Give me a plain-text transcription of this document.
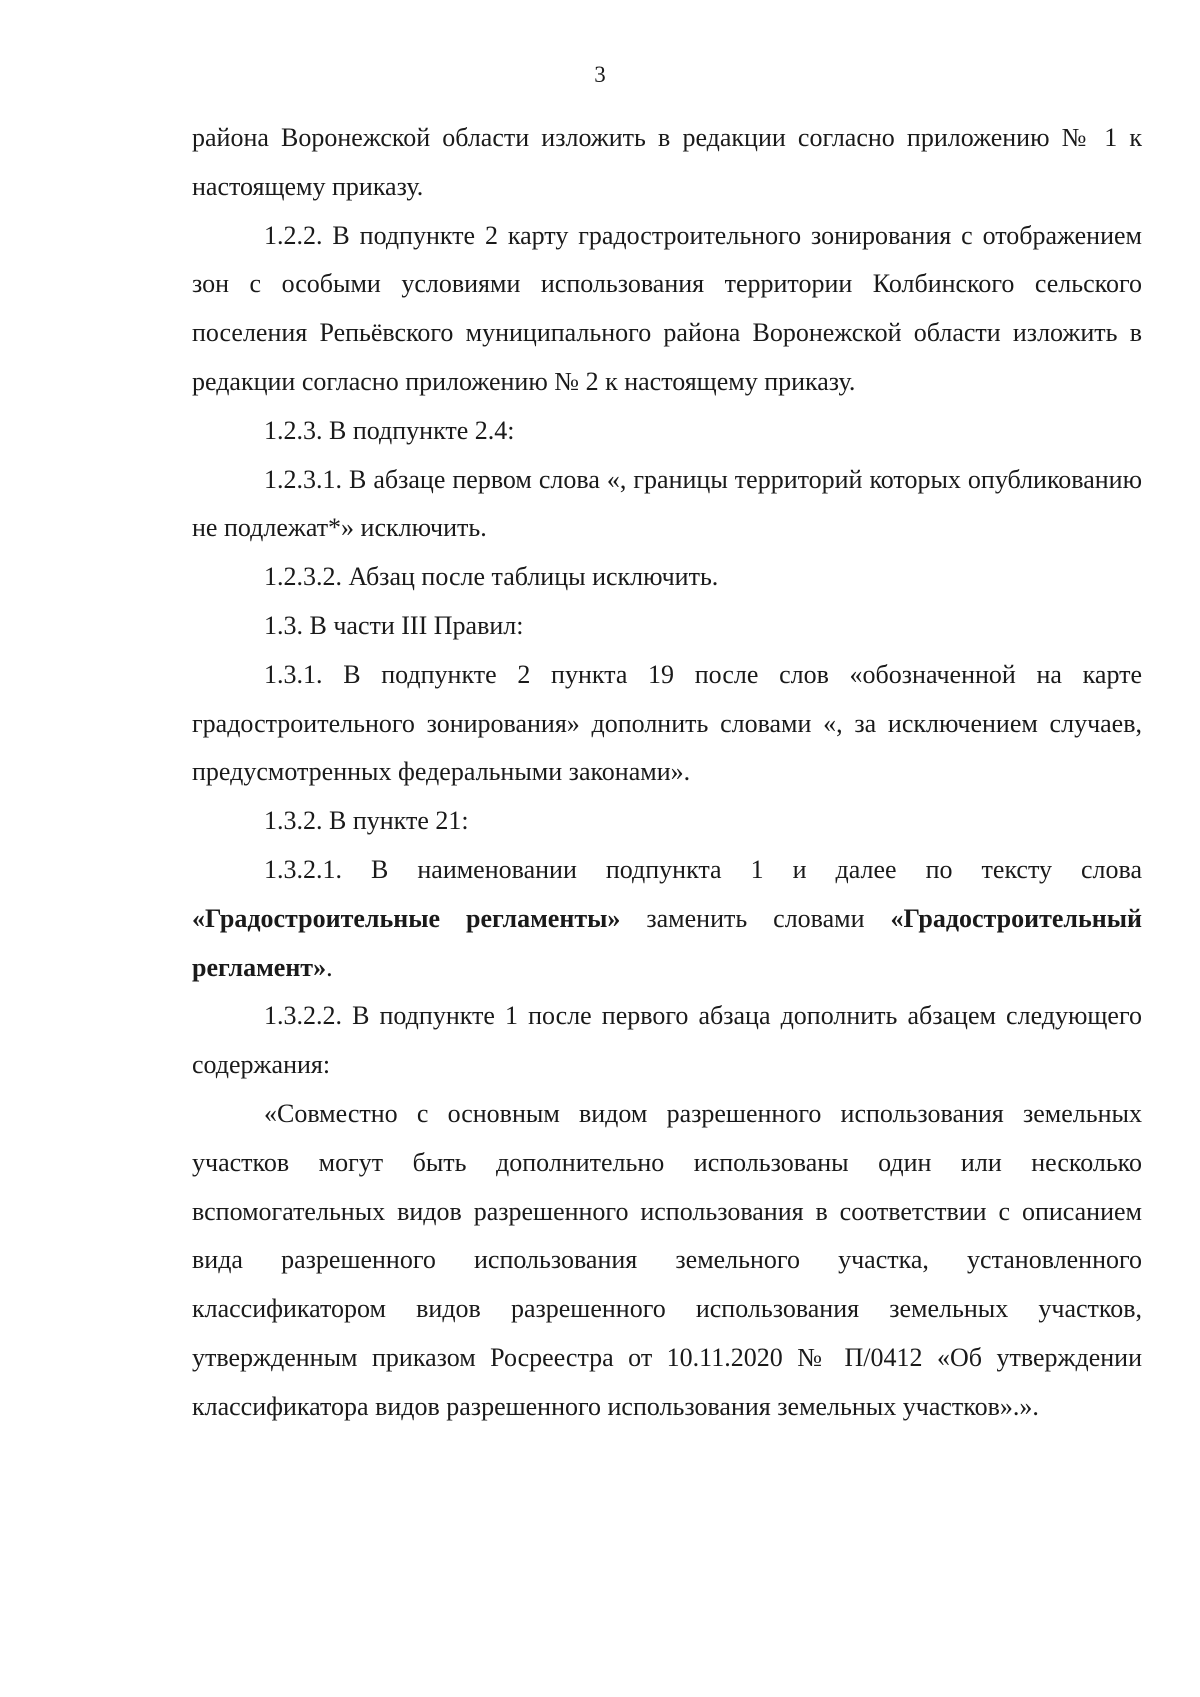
3

района Воронежской области изложить в редакции согласно приложению № 1 к настоящему приказу.

1.2.2. В подпункте 2 карту градостроительного зонирования с отображением зон с особыми условиями использования территории Колбинского сельского поселения Репьёвского муниципального района Воронежской области изложить в редакции согласно приложению № 2 к настоящему приказу.

1.2.3. В подпункте 2.4:

1.2.3.1. В абзаце первом слова «, границы территорий которых опубликованию не подлежат*» исключить.

1.2.3.2. Абзац после таблицы исключить.

1.3. В части III Правил:

1.3.1. В подпункте 2 пункта 19 после слов «обозначенной на карте градостроительного зонирования» дополнить словами «, за исключением случаев, предусмотренных федеральными законами».

1.3.2. В пункте 21:

1.3.2.1. В наименовании подпункта 1 и далее по тексту слова «Градостроительные регламенты» заменить словами «Градостроительный регламент».

1.3.2.2. В подпункте 1 после первого абзаца дополнить абзацем следующего содержания:

«Совместно с основным видом разрешенного использования земельных участков могут быть дополнительно использованы один или несколько вспомогательных видов разрешенного использования в соответствии с описанием вида разрешенного использования земельного участка, установленного классификатором видов разрешенного использования земельных участков, утвержденным приказом Росреестра от 10.11.2020 № П/0412 «Об утверждении классификатора видов разрешенного использования земельных участков».».
